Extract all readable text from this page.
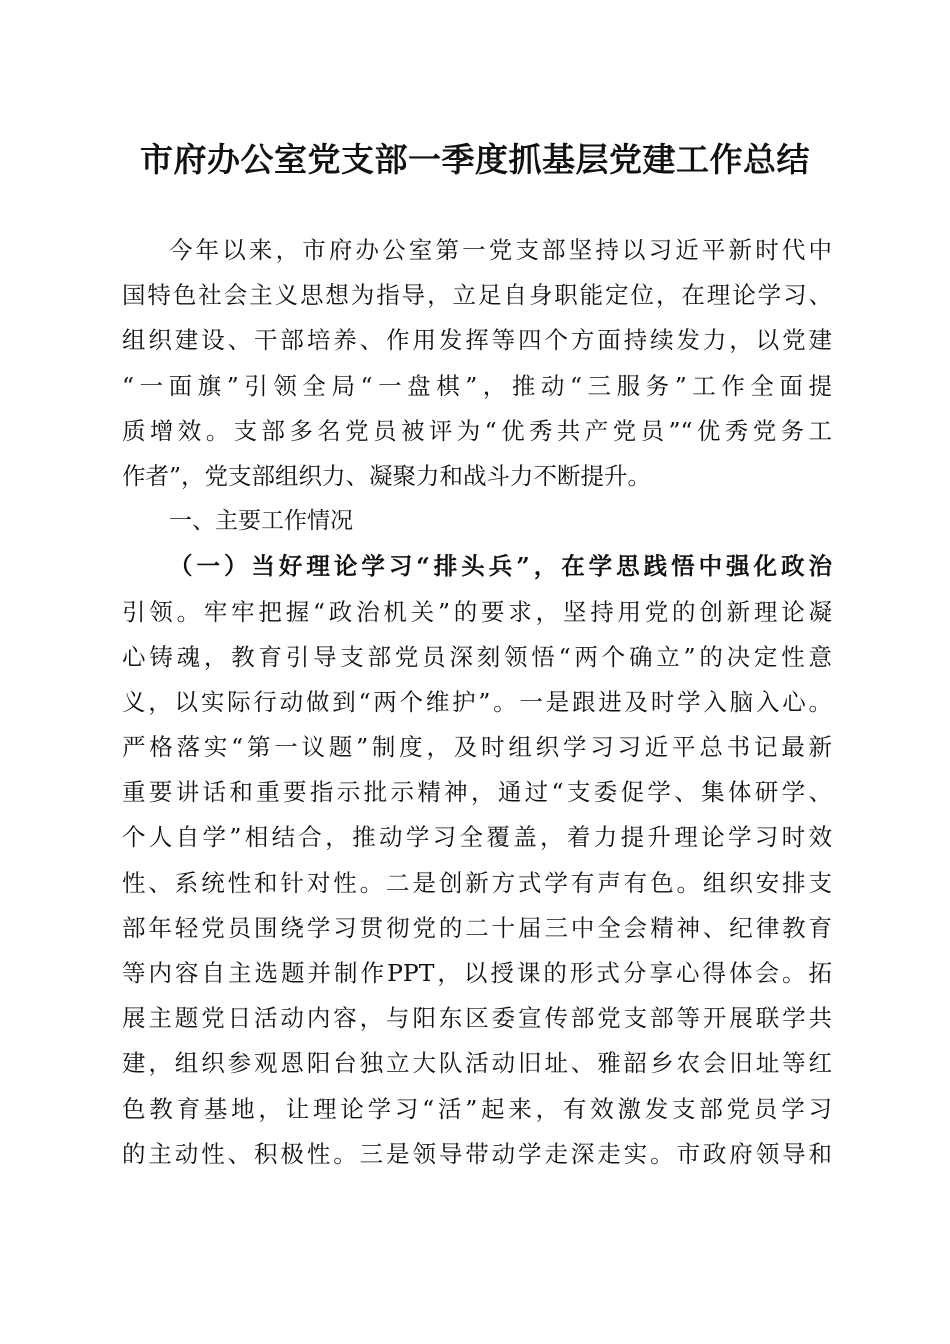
市府办公室党支部一季度抓基层党建工作总结
今年以来，市府办公室第一党支部坚持以习近平新时代中
国特色社会主义思想为指导，立足自身职能定位，在理论学习、
组织建设、干部培养、作用发挥等四个方面持续发力，以党建
“一面旗”引领全局“一盘棋”，推动“三服务”工作全面提
质增效。支部多名党员被评为“优秀共产党员”“优秀党务工
作者”，党支部组织力、凝聚力和战斗力不断提升。
一、主要工作情况
（一）当好理论学习“排头兵”，在学思践悟中强化政治
引领。牢牢把握“政治机关”的要求，坚持用党的创新理论凝
心铸魂，教育引导支部党员深刻领悟“两个确立”的决定性意
义，以实际行动做到“两个维护”。一是跟进及时学入脑入心。
严格落实“第一议题”制度，及时组织学习习近平总书记最新
重要讲话和重要指示批示精神，通过“支委促学、集体研学、
个人自学”相结合，推动学习全覆盖，着力提升理论学习时效
性、系统性和针对性。二是创新方式学有声有色。组织安排支
部年轻党员围绕学习贯彻党的二十届三中全会精神、纪律教育
等内容自主选题并制作PPT，以授课的形式分享心得体会。拓
展主题党日活动内容，与阳东区委宣传部党支部等开展联学共
建，组织参观恩阳台独立大队活动旧址、雅韶乡农会旧址等红
色教育基地，让理论学习“活”起来，有效激发支部党员学习
的主动性、积极性。三是领导带动学走深走实。市政府领导和
